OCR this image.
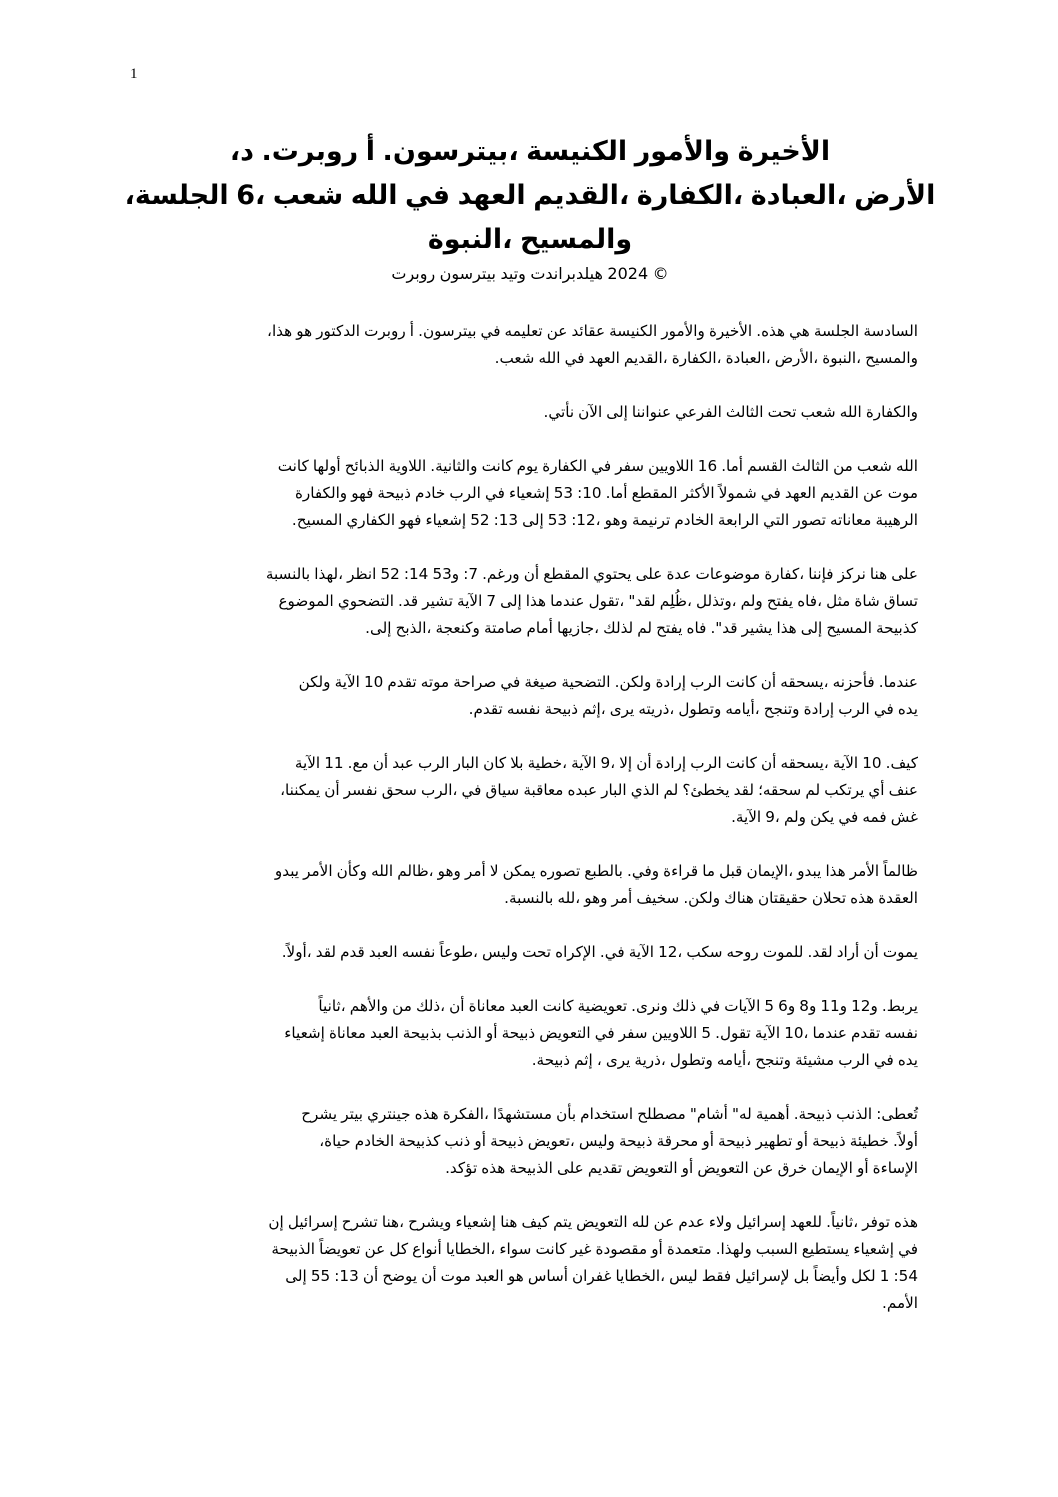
1
،د .روبرت أ .بيترسون، الكنيسة والأمور الأخيرة
،الجلسة 6، شعب الله في العهد القديم، الكفارة، العبادة، الأرض
النبوة، والمسيح
روبرت بيترسون وتيد هيلدبراندت 2024 ©
،هذا هو الدكتور روبرت أ .بيترسون في تعليمه عن عقائد الكنيسة والأمور الأخيرة .هذه هي الجلسة السادسة
.شعب الله في العهد القديم، الكفارة، العبادة، الأرض، النبوة، والمسيح
.نأتي الآن إلى عنواننا الفرعي الثالث تحت شعب الله والكفارة
كانت أولها الذبائح اللاوية .والثانية كانت يوم الكفارة في سفر اللاويين 16 .أما القسم الثالث من شعب الله
والكفارة فهو ذبيحة خادم الرب في إشعياء 53 :10 .أما المقطع الأكثر شمولاً في العهد القديم عن موت
.المسيح الكفاري فهو إشعياء 52 :13 إلى 53 :12، وهو ترنيمة الخادم الرابعة التي تصور معاناته الرهيبة
بالنسبة لهذا، انظر 52 :14 و53 :7 .ورغم أن المقطع يحتوي على عدة موضوعات كفارة، فإننا نركز هنا على
الموضوع التضحوي .قد تشير الآية 7 إلى هذا عندما تقول، "لقد ظُلِم، وتذلل، ولم يفتح فاه، مثل شاة تساق
.إلى الذبح، وكنعجة صامتة أمام جازيها، لذلك لم يفتح فاه ."قد يشير هذا إلى المسيح كذبيحة
ولكن الآية 10 تقدم موته صراحة في صيغة التضحية .ولكن إرادة الرب كانت أن يسحقه، فأحزنه .عندما
.تقدم نفسه ذبيحة إثم، يرى ذريته، وتطول أيامه، وتنجح إرادة الرب في يده
الآية 11 .مع أن عبد الرب البار كان بلا خطية، الآية 9، إلا أن إرادة الرب كانت أن يسحقه، الآية 10 .كيف
،يمكننا أن نفسر سحق الرب، في سياق معاقبة عبده البار الذي لم يخطئ؟ لقد سحقه؛ لم يرتكب أي عنف
.الآية 9، ولم يكن في فمه غش
يبدو الأمر وكأن الله ظالم، وهو أمر لا يمكن تصوره بالطبع .وفي قراءة ما قبل الإيمان، يبدو هذا الأمر ظالماً
.بالنسبة لله، وهو أمر سخيف .ولكن هناك حقيقتان تحلان هذه العقدة
.أولاً، لقد قدم العبد نفسه طوعاً، وليس تحت الإكراه .في الآية 12، سكب روحه للموت .لقد أراد أن يموت
ثانياً، والأهم من ذلك، أن معاناة العبد كانت تعويضية .ونرى ذلك في الآيات 5 و6 و8 و11 و12 .يربط
إشعياء معاناة العبد بذبيحة الذنب أو ذبيحة التعويض في سفر اللاويين 5 .تقول الآية 10، عندما تقدم نفسه
.ذبيحة إثم ، يرى ذرية، وتطول أيامه، وتنجح مشيئة الرب في يده
يشرح بيتر جينتري هذه الفكرة، مستشهدًا بأن استخدام مصطلح "أشام "له أهمية .ذبيحة الذنب :تُعطى
،حياة الخادم كذبيحة ذنب أو ذبيحة تعويض، وليس ذبيحة محرقة أو ذبيحة تطهير أو ذبيحة خطيئة .أولاً
.تؤكد هذه الذبيحة على تقديم التعويض أو التعويض عن خرق الإيمان أو الإساءة
إن إسرائيل تشرح هنا، ويشرح إشعياء هنا كيف يتم التعويض لله عن عدم ولاء إسرائيل للعهد .ثانياً، توفر هذه
الذبيحة تعويضاً عن كل أنواع الخطايا، سواء كانت غير مقصودة أو متعمدة .ولهذا السبب يستطيع إشعياء في
إلى 55 :13 أن يوضح أن موت العبد هو أساس غفران الخطايا، ليس فقط لإسرائيل بل وأيضاً لكل 1 :54
.الأمم
